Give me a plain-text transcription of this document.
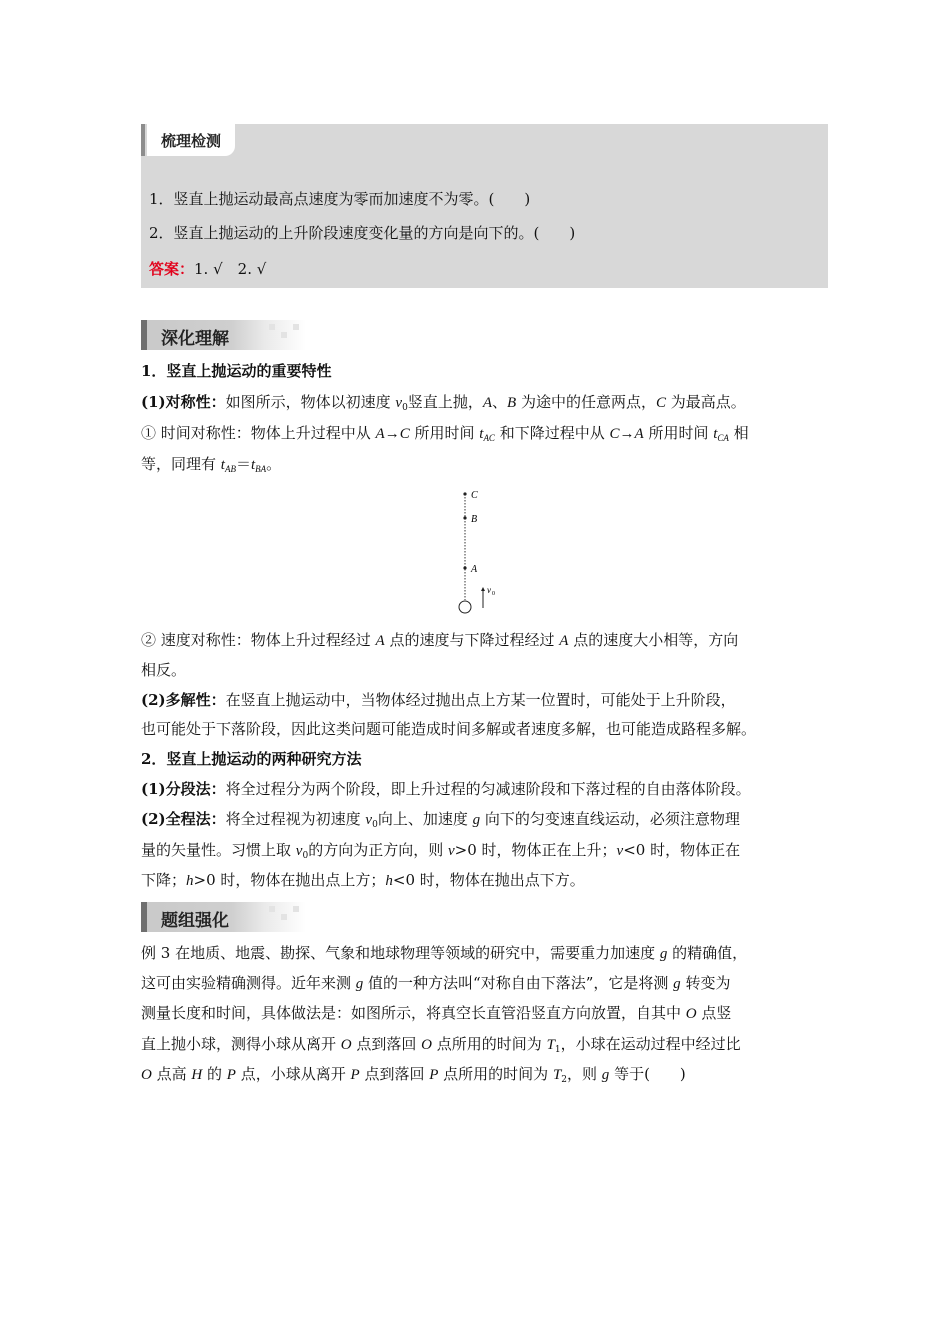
梳理检测
1．竖直上抛运动最高点速度为零而加速度不为零。(　　)
2．竖直上抛运动的上升阶段速度变化量的方向是向下的。(　　)
答案：1. √　2. √
深化理解
1．竖直上抛运动的重要特性
(1)对称性：如图所示，物体以初速度 $v_0$竖直上抛，A、B 为途中的任意两点，C 为最高点。
① 时间对称性：物体上升过程中从 A→C 所用时间 $t_{AC}$ 和下降过程中从 C→A 所用时间 $t_{CA}$ 相
等，同理有 $t_{AB}=t_{BA}$。
C
B
A
v 0
② 速度对称性：物体上升过程经过 A 点的速度与下降过程经过 A 点的速度大小相等，方向
相反。
(2)多解性：在竖直上抛运动中，当物体经过抛出点上方某一位置时，可能处于上升阶段，
也可能处于下落阶段，因此这类问题可能造成时间多解或者速度多解，也可能造成路程多解。
2．竖直上抛运动的两种研究方法
(1)分段法：将全过程分为两个阶段，即上升过程的匀减速阶段和下落过程的自由落体阶段。
(2)全程法：将全过程视为初速度 $v_0$向上、加速度 g 向下的匀变速直线运动，必须注意物理
量的矢量性。习惯上取 $v_0$的方向为正方向，则 v>0 时，物体正在上升；v<0 时，物体正在
下降；h>0 时，物体在抛出点上方；h<0 时，物体在抛出点下方。
题组强化
例 3 在地质、地震、勘探、气象和地球物理等领域的研究中，需要重力加速度 g 的精确值，
这可由实验精确测得。近年来测 g 值的一种方法叫“对称自由下落法”，它是将测 g 转变为
测量长度和时间，具体做法是：如图所示，将真空长直管沿竖直方向放置，自其中 O 点竖
直上抛小球，测得小球从离开 O 点到落回 O 点所用的时间为 $T_1$，小球在运动过程中经过比
O 点高 H 的 P 点，小球从离开 P 点到落回 P 点所用的时间为 $T_2$，则 g 等于(　　)
